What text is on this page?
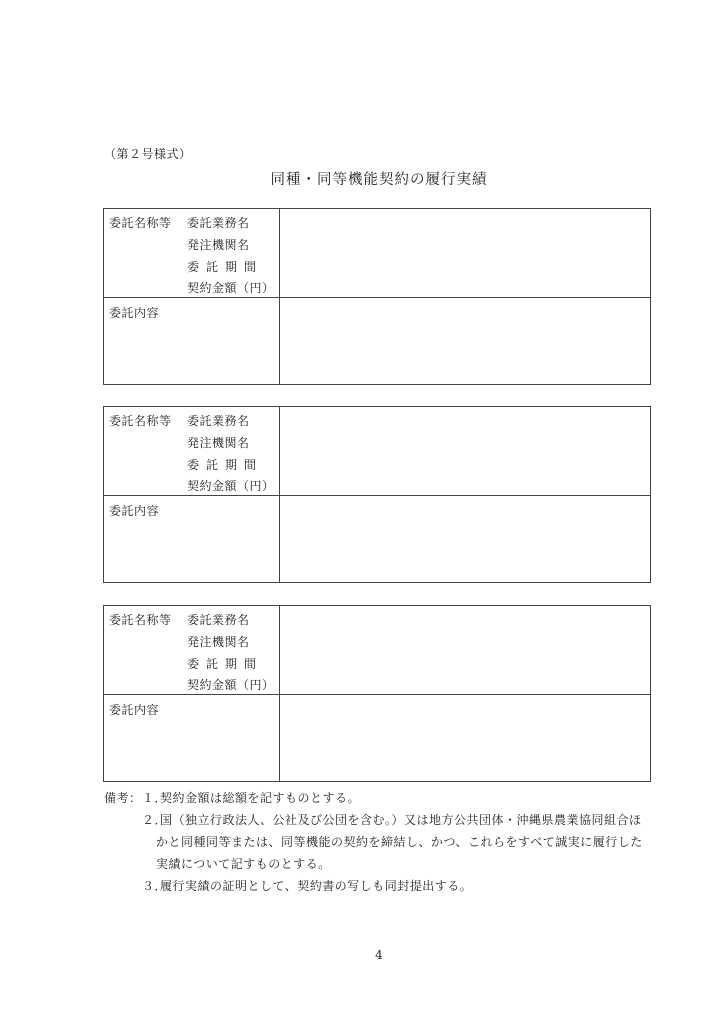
（第２号様式）
同種・同等機能契約の履行実績
委託名称等 委託業務名
発注機関名
委託期間
契約金額（円）
委託内容
委託名称等 委託業務名
発注機関名
委託期間
契約金額（円）
委託内容
委託名称等 委託業務名
発注機関名
委託期間
契約金額（円）
委託内容
備考： １．
契約金額は総額を記すものとする。
２．
国（独立行政法人、公社及び公団を含む。）又は地方公共団体・沖縄県農業協同組合ほ
かと同種同等または、同等機能の契約を締結し、かつ、これらをすべて誠実に履行した
実績について記すものとする。
３．
履行実績の証明として、契約書の写しも同封提出する。
4
